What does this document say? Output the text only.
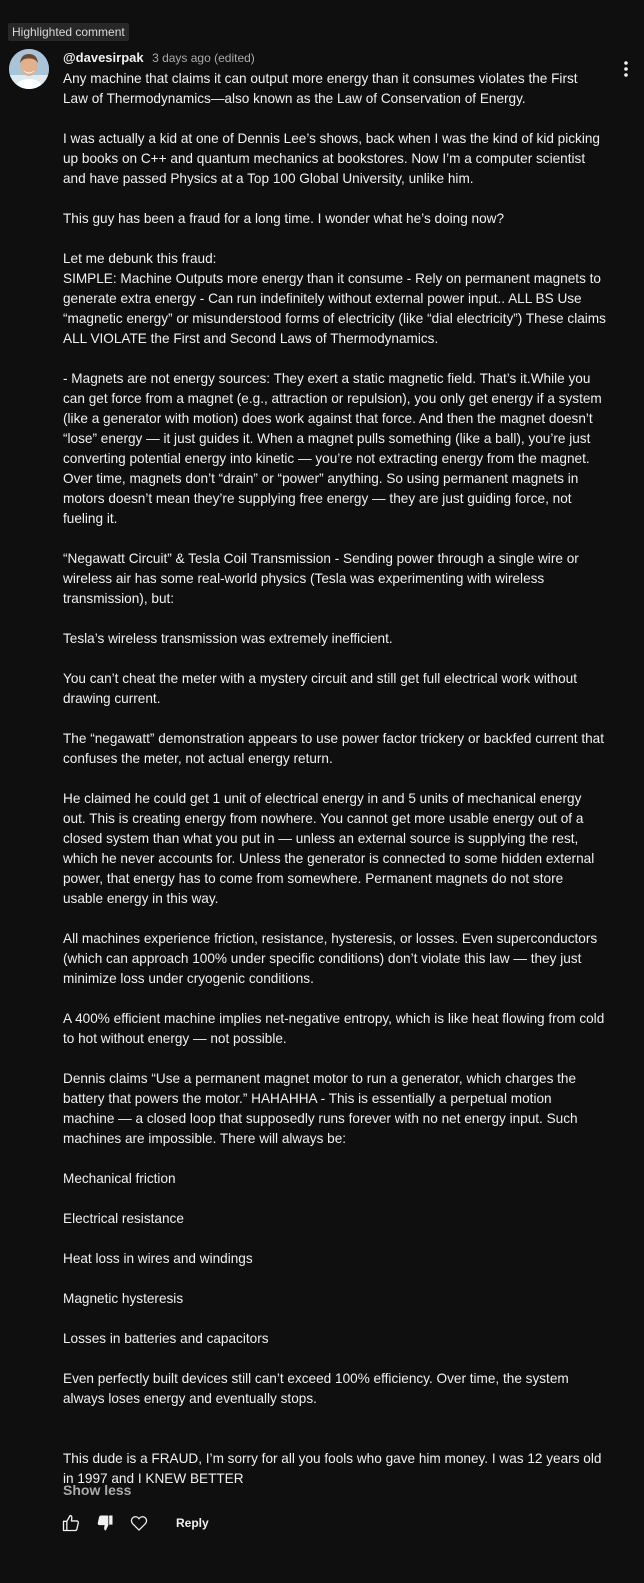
Highlighted comment
@davesirpak 3 days ago (edited)

Any machine that claims it can output more energy than it consumes violates the First Law of Thermodynamics—also known as the Law of Conservation of Energy.

I was actually a kid at one of Dennis Lee’s shows, back when I was the kind of kid picking up books on C++ and quantum mechanics at bookstores. Now I’m a computer scientist and have passed Physics at a Top 100 Global University, unlike him.

This guy has been a fraud for a long time. I wonder what he’s doing now?

Let me debunk this fraud:
SIMPLE: Machine Outputs more energy than it consume - Rely on permanent magnets to generate extra energy - Can run indefinitely without external power input.. ALL BS Use “magnetic energy” or misunderstood forms of electricity (like “dial electricity”) These claims ALL VIOLATE the First and Second Laws of Thermodynamics.

- Magnets are not energy sources: They exert a static magnetic field. That’s it.While you can get force from a magnet (e.g., attraction or repulsion), you only get energy if a system (like a generator with motion) does work against that force. And then the magnet doesn’t “lose” energy — it just guides it. When a magnet pulls something (like a ball), you’re just converting potential energy into kinetic — you’re not extracting energy from the magnet. Over time, magnets don’t “drain” or “power” anything. So using permanent magnets in motors doesn’t mean they’re supplying free energy — they are just guiding force, not fueling it.

“Negawatt Circuit” & Tesla Coil Transmission - Sending power through a single wire or wireless air has some real-world physics (Tesla was experimenting with wireless transmission), but:

Tesla’s wireless transmission was extremely inefficient.

You can’t cheat the meter with a mystery circuit and still get full electrical work without drawing current.

The “negawatt” demonstration appears to use power factor trickery or backfed current that confuses the meter, not actual energy return.

He claimed he could get 1 unit of electrical energy in and 5 units of mechanical energy out. This is creating energy from nowhere. You cannot get more usable energy out of a closed system than what you put in — unless an external source is supplying the rest, which he never accounts for. Unless the generator is connected to some hidden external power, that energy has to come from somewhere. Permanent magnets do not store usable energy in this way.

All machines experience friction, resistance, hysteresis, or losses. Even superconductors (which can approach 100% under specific conditions) don’t violate this law — they just minimize loss under cryogenic conditions.

A 400% efficient machine implies net-negative entropy, which is like heat flowing from cold to hot without energy — not possible.

Dennis claims “Use a permanent magnet motor to run a generator, which charges the battery that powers the motor.” HAHAHHA - This is essentially a perpetual motion machine — a closed loop that supposedly runs forever with no net energy input. Such machines are impossible. There will always be:

Mechanical friction

Electrical resistance

Heat loss in wires and windings

Magnetic hysteresis

Losses in batteries and capacitors

Even perfectly built devices still can’t exceed 100% efficiency. Over time, the system always loses energy and eventually stops.

This dude is a FRAUD, I’m sorry for all you fools who gave him money. I was 12 years old in 1997 and I KNEW BETTER

Show less
Reply
